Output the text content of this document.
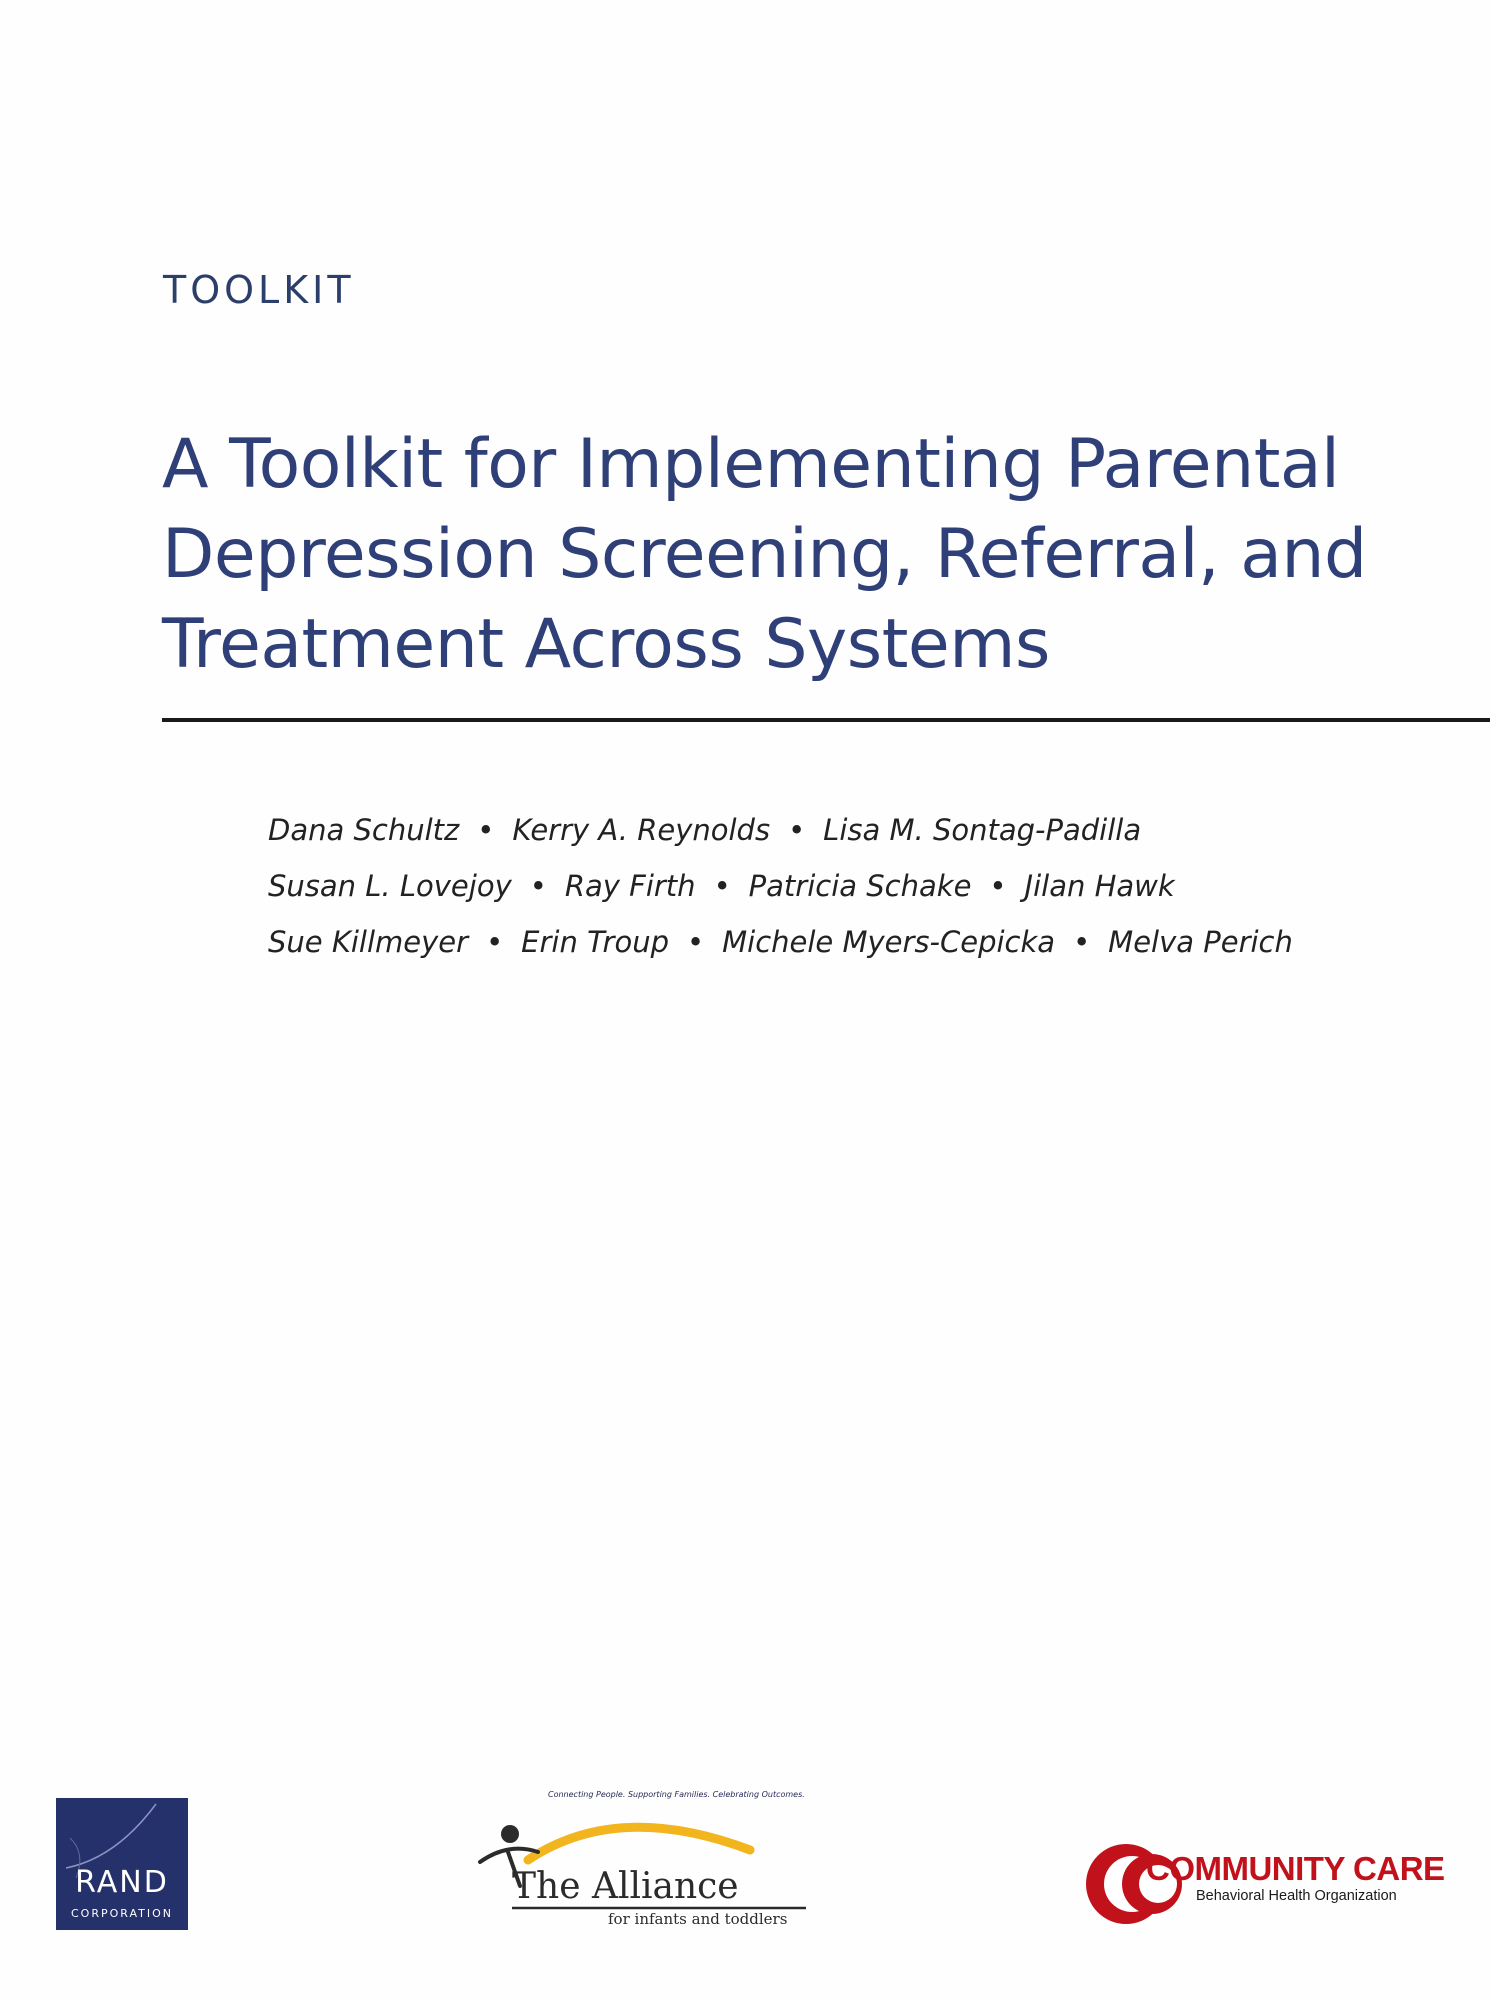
TOOLKIT
A Toolkit for Implementing Parental
Depression Screening, Referral, and
Treatment Across Systems
Dana Schultz • Kerry A. Reynolds • Lisa M. Sontag-Padilla
Susan L. Lovejoy • Ray Firth • Patricia Schake • Jilan Hawk
Sue Killmeyer • Erin Troup • Michele Myers-Cepicka • Melva Perich
RAND
CORPORATION
Connecting People. Supporting Families. Celebrating Outcomes.
The Alliance
for infants and toddlers
COMMUNITY CARE
Behavioral Health Organization
